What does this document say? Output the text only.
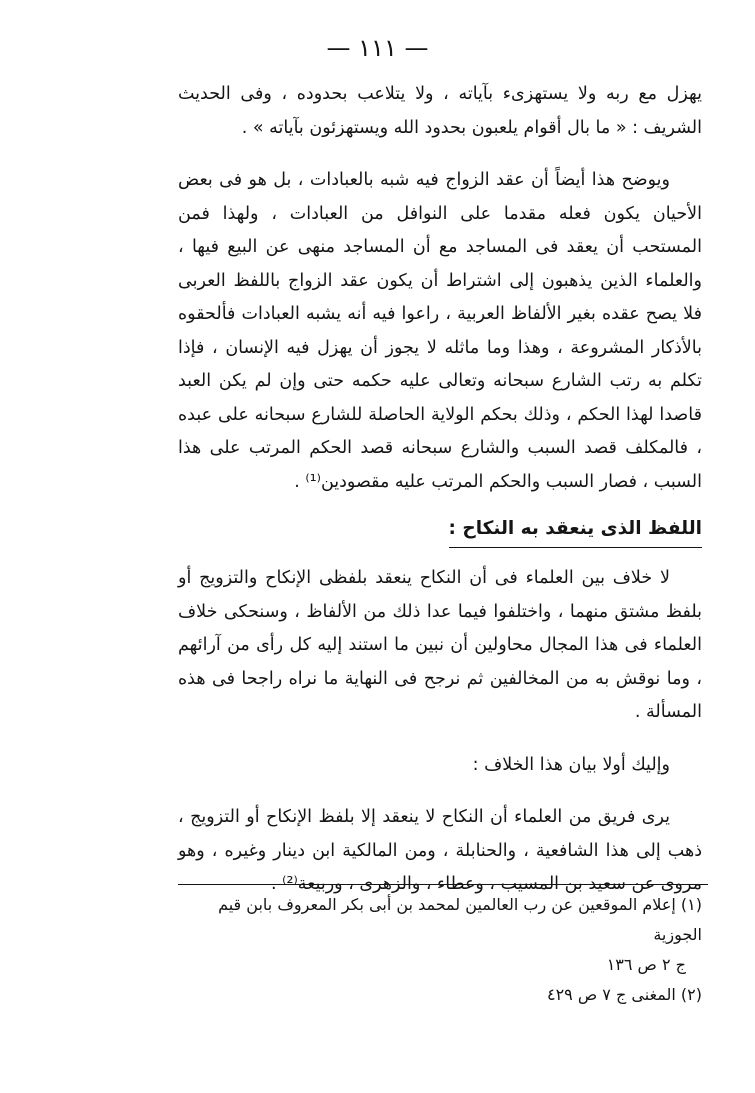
— ١١١ —

يهزل مع ربه ولا يستهزىء بآياته ، ولا يتلاعب بحدوده ، وفى الحديث الشريف : « ما بال أقوام يلعبون بحدود الله ويستهزئون بآياته » .

ويوضح هذا أيضاً أن عقد الزواج فيه شبه بالعبادات ، بل هو فى بعض الأحيان يكون فعله مقدما على النوافل من العبادات ، ولهذا فمن المستحب أن يعقد فى المساجد مع أن المساجد منهى عن البيع فيها ، والعلماء الذين يذهبون إلى اشتراط أن يكون عقد الزواج باللفظ العربى فلا يصح عقده بغير الألفاظ العربية ، راعوا فيه أنه يشبه العبادات فألحقوه بالأذكار المشروعة ، وهذا وما ماثله لا يجوز أن يهزل فيه الإنسان ، فإذا تكلم به رتب الشارع سبحانه وتعالى عليه حكمه حتى وإن لم يكن العبد قاصدا لهذا الحكم ، وذلك بحكم الولاية الحاصلة للشارع سبحانه على عبده ، فالمكلف قصد السبب والشارع سبحانه قصد الحكم المرتب على هذا السبب ، فصار السبب والحكم المرتب عليه مقصودين⁽¹⁾ .

اللفظ الذى ينعقد به النكاح :

لا خلاف بين العلماء فى أن النكاح ينعقد بلفظى الإنكاح والتزويج أو بلفظ مشتق منهما ، واختلفوا فيما عدا ذلك من الألفاظ ، وسنحكى خلاف العلماء فى هذا المجال محاولين أن نبين ما استند إليه كل رأى من آرائهم ، وما نوقش به من المخالفين ثم نرجح فى النهاية ما نراه راجحا فى هذه المسألة .

وإليك أولا بيان هذا الخلاف :

يرى فريق من العلماء أن النكاح لا ينعقد إلا بلفظ الإنكاح أو التزويج ، ذهب إلى هذا الشافعية ، والحنابلة ، ومن المالكية ابن دينار وغيره ، وهو مروى عن سعيد بن المسيب ، وعطاء ، والزهرى ، وربيعة⁽²⁾ .

(١) إعلام الموقعين عن رب العالمين لمحمد بن أبى بكر المعروف بابن قيم الجوزية

ج ٢ ص ١٣٦

(٢) المغنى ج ٧ ص ٤٢٩
